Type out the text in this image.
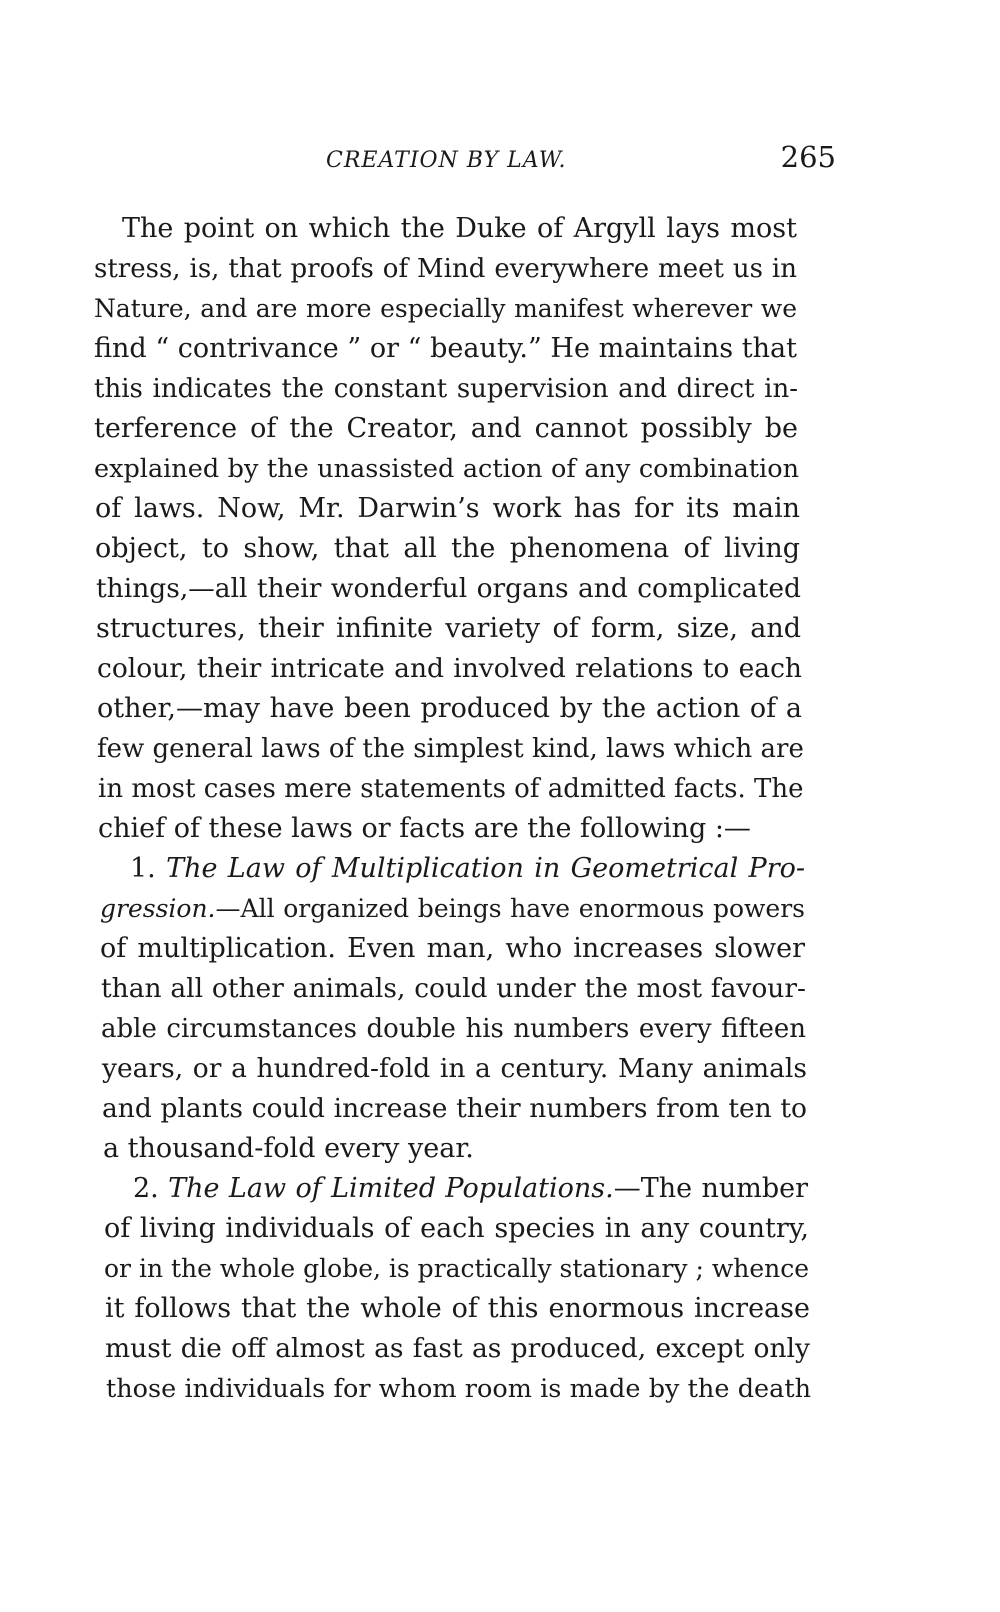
CREATION BY LAW.	265
The point on which the Duke of Argyll lays most
stress, is, that proofs of Mind everywhere meet us in
Nature, and are more especially manifest wherever we
find “ contrivance ” or “ beauty.” He maintains that
this indicates the constant supervision and direct in-
terference of the Creator, and cannot possibly be
explained by the unassisted action of any combination
of laws. Now, Mr. Darwin’s work has for its main
object, to show, that all the phenomena of living
things,—all their wonderful organs and complicated
structures, their infinite variety of form, size, and
colour, their intricate and involved relations to each
other,—may have been produced by the action of a
few general laws of the simplest kind, laws which are
in most cases mere statements of admitted facts. The
chief of these laws or facts are the following :—
1. The Law of Multiplication in Geometrical Pro-
gression.—All organized beings have enormous powers
of multiplication. Even man, who increases slower
than all other animals, could under the most favour-
able circumstances double his numbers every fifteen
years, or a hundred-fold in a century. Many animals
and plants could increase their numbers from ten to
a thousand-fold every year.
2. The Law of Limited Populations.—The number
of living individuals of each species in any country,
or in the whole globe, is practically stationary ; whence
it follows that the whole of this enormous increase
must die off almost as fast as produced, except only
those individuals for whom room is made by the death
